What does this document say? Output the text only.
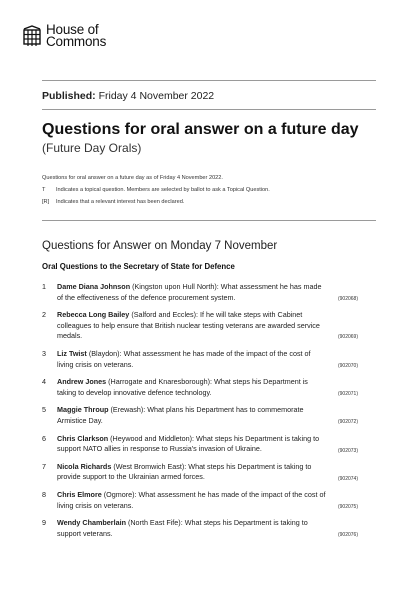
House of
Commons
Published: Friday 4 November 2022
Questions for oral answer on a future day
(Future Day Orals)
Questions for oral answer on a future day as of Friday 4 November 2022.
T Indicates a topical question. Members are selected by ballot to ask a Topical Question.
[R] Indicates that a relevant interest has been declared.
Questions for Answer on Monday 7 November
Oral Questions to the Secretary of State for Defence
1 Dame Diana Johnson (Kingston upon Hull North): What assessment he has made
of the effectiveness of the defence procurement system.	(902068)
2 Rebecca Long Bailey (Salford and Eccles): If he will take steps with Cabinet
colleagues to help ensure that British nuclear testing veterans are awarded service
medals.	(902069)
3 Liz Twist (Blaydon): What assessment he has made of the impact of the cost of
living crisis on veterans.	(902070)
4 Andrew Jones (Harrogate and Knaresborough): What steps his Department is
taking to develop innovative defence technology.	(902071)
5 Maggie Throup (Erewash): What plans his Department has to commemorate
Armistice Day.	(902072)
6 Chris Clarkson (Heywood and Middleton): What steps his Department is taking to
support NATO allies in response to Russia's invasion of Ukraine.	(902073)
7 Nicola Richards (West Bromwich East): What steps his Department is taking to
provide support to the Ukrainian armed forces.	(902074)
8 Chris Elmore (Ogmore): What assessment he has made of the impact of the cost of
living crisis on veterans.	(902075)
9 Wendy Chamberlain (North East Fife): What steps his Department is taking to
support veterans.	(902076)
